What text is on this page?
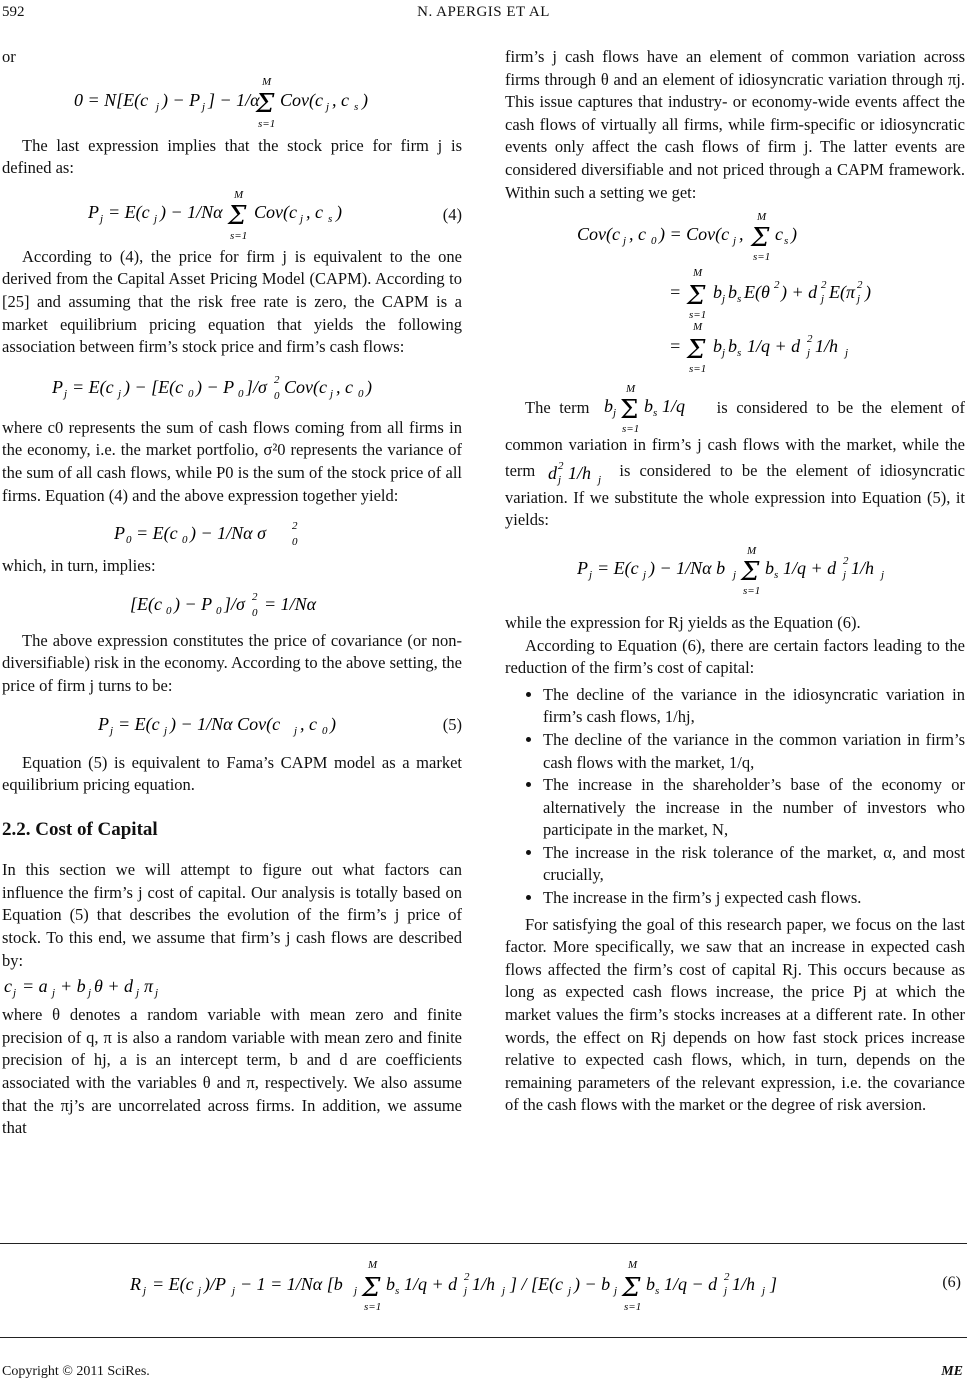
592	N. APERGIS ET AL

or

0 = N[E(c j ) − P j ] − 1/α
M
Σ
s=1
Cov(c j , c s )

The last expression implies that the stock price for firm j is defined as:

P j = E(c j ) − 1/Nα
M
Σ
s=1
Cov(c j , c s )	(4)

According to (4), the price for firm j is equivalent to the one derived from the Capital Asset Pricing Model (CAPM). According to [25] and assuming that the risk free rate is zero, the CAPM is a market equilibrium pricing equation that yields the following association between firm’s stock price and firm’s cash flows:

P j = E(c j ) − [E(c 0 ) − P 0 ]/σ 2
0 Cov(c j , c 0 )

where c0 represents the sum of cash flows coming from all firms in the economy, i.e. the market portfolio, σ²0 represents the variance of the sum of all cash flows, while P0 is the sum of the stock price of all firms. Equation (4) and the above expression together yield:

P 0 = E(c 0 ) − 1/Nα σ 2
0

which, in turn, implies:

[E(c 0 ) − P 0 ]/σ 2
0 = 1/Nα

The above expression constitutes the price of covariance (or non-diversifiable) risk in the economy. According to the above setting, the price of firm j turns to be:

P j = E(c j ) − 1/Nα Cov(c j , c 0 )	(5)

Equation (5) is equivalent to Fama’s CAPM model as a market equilibrium pricing equation.

2.2. Cost of Capital

In this section we will attempt to figure out what factors can influence the firm’s j cost of capital. Our analysis is totally based on Equation (5) that describes the evolution of the firm’s j price of stock. To this end, we assume that firm’s j cash flows are described by:

c j = a j + b j θ + d j π j

where θ denotes a random variable with mean zero and finite precision of q, π is also a random variable with mean zero and finite precision of hj, a is an intercept term, b and d are coefficients associated with the variables θ and π, respectively. We also assume that the πj’s are uncorrelated across firms. In addition, we assume that

firm’s j cash flows have an element of common variation across firms through θ and an element of idiosyncratic variation through πj. This issue captures that industry- or economy-wide events affect the cash flows of virtually all firms, while firm-specific or idiosyncratic events only affect the cash flows of firm j. The latter events are considered diversifiable and not priced through a CAPM framework. Within such a setting we get:

Cov(c j , c 0 ) = Cov(c j ,
M
Σ
s=1
c s )
=
M
Σ
s=1
b j b s E(θ 2 ) + d 2
j E(π 2
j )
=
M
Σ
s=1
b j b s 1/q + d 2
j 1/h j
The term b j
M
Σ
s=1
b s 1/q is considered to be the element of common variation in firm’s j cash flows with the market, while the term d 2
j 1/h j
is considered to be the element of idiosyncratic variation. If we substitute the whole expression into Equation (5), it yields:
P j = E(c j ) − 1/Nα b j
M
Σ
s=1
b s 1/q + d 2
j 1/h j

while the expression for Rj yields as the Equation (6).

According to Equation (6), there are certain factors leading to the reduction of the firm’s cost of capital:

• The decline of the variance in the idiosyncratic variation in firm’s cash flows, 1/hj,
• The decline of the variance in the common variation in firm’s cash flows with the market, 1/q,
• The increase in the shareholder’s base of the economy or alternatively the increase in the number of investors who participate in the market, N,
• The increase in the risk tolerance of the market, α, and most crucially,
• The increase in the firm’s j expected cash flows.

For satisfying the goal of this research paper, we focus on the last factor. More specifically, we saw that an increase in expected cash flows affected the firm’s cost of capital Rj. This occurs because as long as expected cash flows increase, the price Pj at which the market values the firm’s stocks increases at a different rate. In other words, the effect on Rj depends on how fast stock prices increase relative to expected cash flows, which, in turn, depends on the remaining parameters of the relevant expression, i.e. the covariance of the cash flows with the market or the degree of risk aversion.

R j = E(c j )/P j − 1 = 1/Nα [b j
M
Σ
s=1
b s 1/q + d 2
j 1/h j ] / [E(c j ) − b j
M
Σ
s=1
b s 1/q − d 2
j 1/h j ]	(6)
Copyright © 2011 SciRes.	ME
